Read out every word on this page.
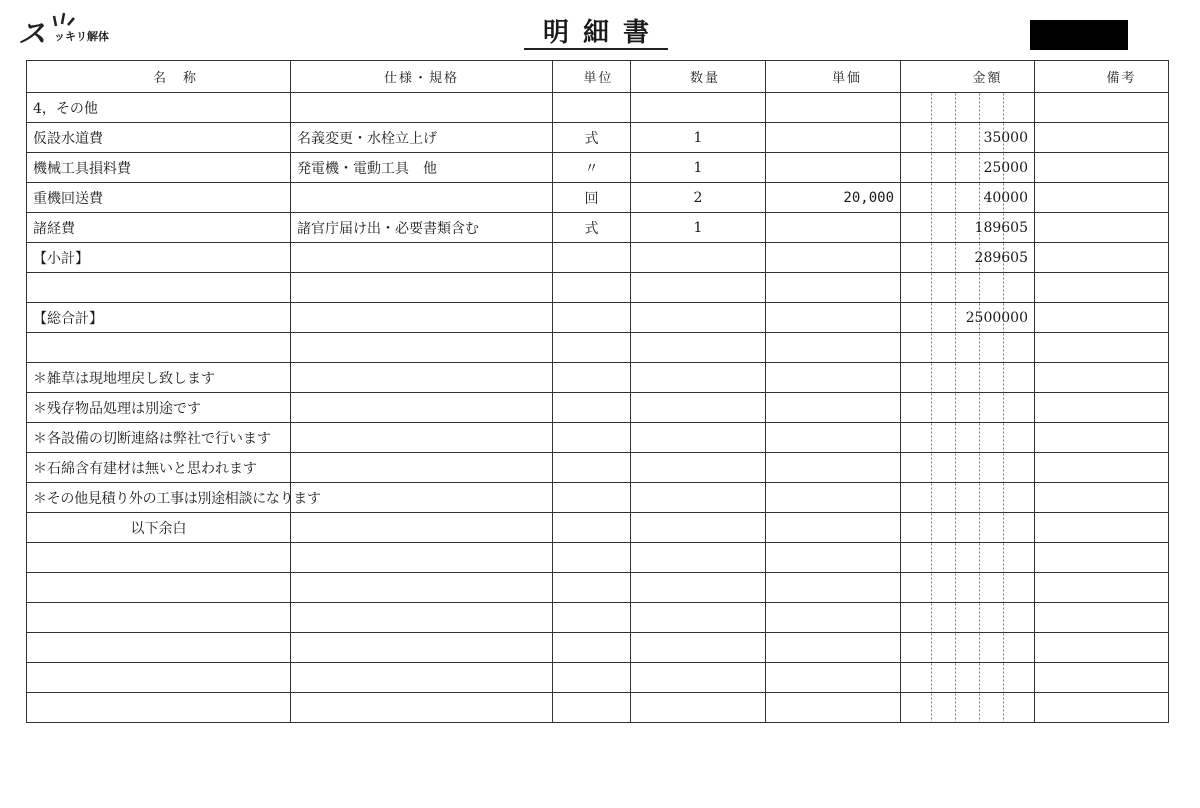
ス ッキリ解体	明細書
名　称	仕様・規格	単位	数量	単価	金額	備考
4，その他						
仮設水道費	名義変更・水栓立上げ	式	1		35000	
機械工具損料費	発電機・電動工具　他	〃	1		25000	
重機回送費		回	2	20,000	40000	
諸経費	諸官庁届け出・必要書類含む	式	1		189605	
【小計】					289605	

【総合計】					2500000	

＊雑草は現地埋戻し致します						
＊残存物品処理は別途です						
＊各設備の切断連絡は弊社で行います						
＊石綿含有建材は無いと思われます						
＊その他見積り外の工事は別途相談になります						
以下余白						
